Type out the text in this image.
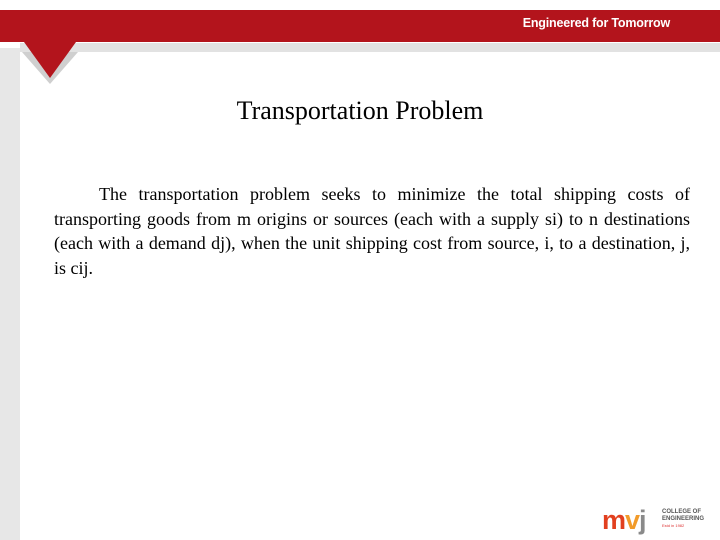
Engineered for Tomorrow
Transportation Problem
The transportation problem seeks to minimize the total shipping costs of transporting goods from m origins or sources (each with a supply si) to n destinations (each with a demand dj), when the unit shipping cost from source, i, to a destination, j, is cij.
mvj	COLLEGE OF
ENGINEERING
Estd in 1982
